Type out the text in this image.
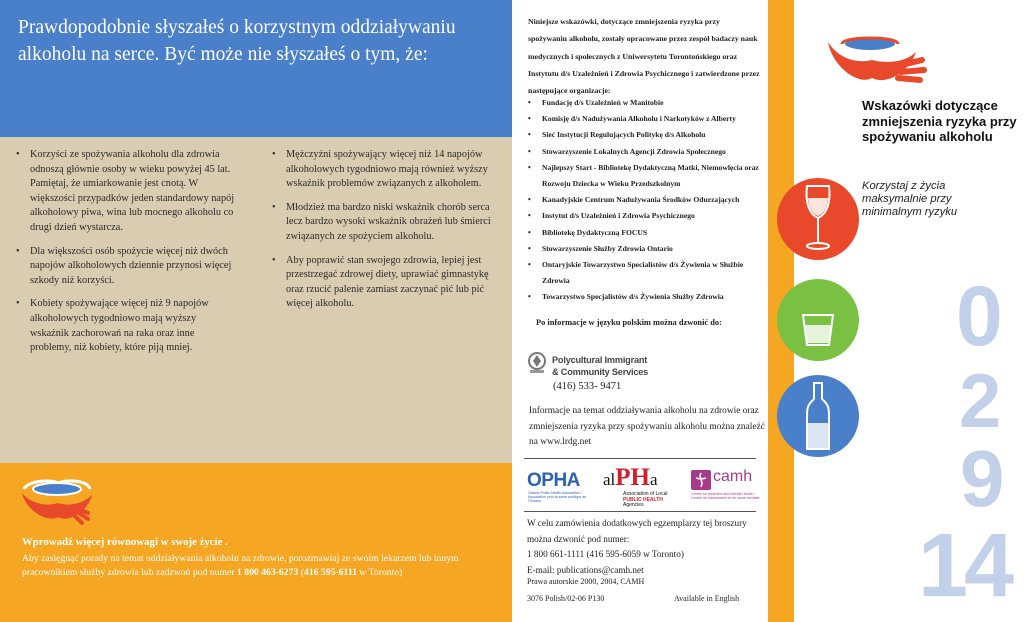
Prawdopodobnie słyszałeś o korzystnym oddziaływaniu alkoholu na serce. Być może nie słyszałeś o tym, że:
• Korzyści ze spożywania alkoholu dla zdrowia odnoszą głównie osoby w wieku powyżej 45 lat. Pamiętaj, że umiarkowanie jest cnotą. W większości przypadków jeden standardowy napój alkoholowy piwa, wina lub mocnego alkoholu co drugi dzień wystarcza.
• Dla większości osób spożycie więcej niż dwóch napojów alkoholowych dziennie przynosi więcej szkody niż korzyści.
• Kobiety spożywające więcej niż 9 napojów alkoholowych tygodniowo mają wyższy wskaźnik zachorowań na raka oraz inne problemy, niż kobiety, które piją mniej.
• Mężczyźni spożywający więcej niż 14 napojów alkoholowych tygodniowo mają również wyższy wskaźnik problemów związanych z alkoholem.
• Młodzież ma bardzo niski wskaźnik chorób serca lecz bardzo wysoki wskaźnik obrażeń lub śmierci związanych ze spożyciem alkoholu.
• Aby poprawić stan swojego zdrowia, lepiej jest przestrzegać zdrowej diety, uprawiać gimnastykę oraz rzucić palenie zamiast zaczynać pić lub pić więcej alkoholu.
Wprowadź więcej równowagi w swoje życie .
Aby zasięgnąć porady na temat oddziaływania alkoholu na zdrowie, porozmawiaj ze swoim lekarzem lub innym pracownikiem służby zdrowia lub zadzwoń pod numer 1 800 463-6273 (416 595-6111 w Toronto)
Niniejsze wskazówki, dotyczące zmniejszenia ryzyka przy spożywaniu alkoholu, zostały opracowane przez zespół badaczy nauk medycznych i społecznych z Uniwersytetu Torontońskiego oraz Instytutu d/s Uzależnień i Zdrowia Psychicznego i zatwierdzone przez następujące organizacje:
• Fundację d/s Uzależnień w Manitobie
• Komisję d/s Nadużywania Alkoholu i Narkotyków z Alberty
• Sieć Instytucji Regulujących Politykę d/s Alkoholu
• Stowarzyszenie Lokalnych Agencji Zdrowia Społecznego
• Najlepszy Start - Bibliotekę Dydaktyczną Matki, Niemowlęcia oraz Rozwoju Dziecka w Wieku Przedszkolnym
• Kanadyjskie Centrum Nadużywania Środków Odurzających
• Instytut d/s Uzależnień i Zdrowia Psychicznego
• Bibliotekę Dydaktyczną FOCUS
• Stowarzyszenie Służby Zdrowia Ontario
• Ontaryjskie Towarzystwo Specialistów d/s Żywienia w Służbie Zdrowia
• Towarzystwo Specjalistów d/s Żywienia Służby Zdrowia
Po informacje w języku polskim można dzwonić do:
Polycultural Immigrant
& Community Services
(416) 533- 9471
Informacje na temat oddziaływania alkoholu na zdrowie oraz zmniejszenia ryzyka przy spożywaniu alkoholu można znaleźć na www.lrdg.net
OPHA
Ontario Public Health Association / Association pour la santé publique de l'Ontario
alPHa
Association of Local
PUBLIC HEALTH
Agencies
camh
Centre for Addiction and Mental Health / Centre de toxicomanie et de santé mentale
W celu zamówienia dodatkowych egzemplarzy tej broszury można dzwonić pod numer:
1 800 661-1111 (416 595-6059 w Toronto)
E-mail: publications@camh.net
Prawa autorskie 2000, 2004, CAMH
3076 Polish/02-06 P130	Available in English
Wskazówki dotyczące zmniejszenia ryzyka przy spożywaniu alkoholu
Korzystaj z życia maksymalnie przy minimalnym ryzyku
0
2
9
14
